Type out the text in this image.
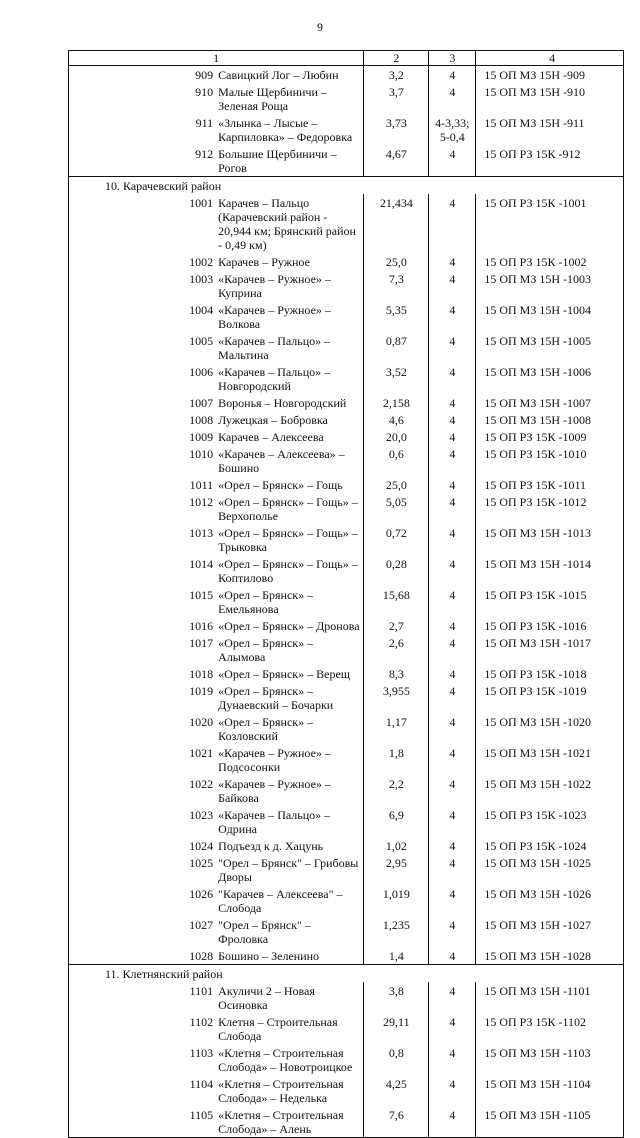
9
1		2	3	4
909	Савицкий Лог – Любин	3,2	4	15 ОП МЗ 15Н -909
910	Малые Щербиничи – Зеленая Роща	3,7	4	15 ОП МЗ 15Н -910
911	«Злынка – Лысые – Карпиловка» – Федоровка	3,73	4-3,33; 5-0,4	15 ОП МЗ 15Н -911
912	Большие Щербиничи – Рогов	4,67	4	15 ОП РЗ 15К -912
10. Карачевский район				
1001	Карачев – Пальцо (Карачевский район - 20,944 км; Брянский район - 0,49 км)	21,434	4	15 ОП РЗ 15К -1001
1002	Карачев – Ружное	25,0	4	15 ОП РЗ 15К -1002
1003	«Карачев – Ружное» – Куприна	7,3	4	15 ОП МЗ 15Н -1003
1004	«Карачев – Ружное» – Волкова	5,35	4	15 ОП МЗ 15Н -1004
1005	«Карачев – Пальцо» – Мальтина	0,87	4	15 ОП МЗ 15Н -1005
1006	«Карачев – Пальцо» – Новгородский	3,52	4	15 ОП МЗ 15Н -1006
1007	Воронья – Новгородский	2,158	4	15 ОП МЗ 15Н -1007
1008	Лужецкая – Бобровка	4,6	4	15 ОП МЗ 15Н -1008
1009	Карачев – Алексеева	20,0	4	15 ОП РЗ 15К -1009
1010	«Карачев – Алексеева» – Бошино	0,6	4	15 ОП РЗ 15К -1010
1011	«Орел – Брянск» – Гощь	25,0	4	15 ОП РЗ 15К -1011
1012	«Орел – Брянск» – Гощь» – Верхополье	5,05	4	15 ОП РЗ 15К -1012
1013	«Орел – Брянск» – Гощь» – Трыковка	0,72	4	15 ОП МЗ 15Н -1013
1014	«Орел – Брянск» – Гощь» – Коптилово	0,28	4	15 ОП МЗ 15Н -1014
1015	«Орел – Брянск» – Емельянова	15,68	4	15 ОП РЗ 15К -1015
1016	«Орел – Брянск» – Дронова	2,7	4	15 ОП РЗ 15К -1016
1017	«Орел – Брянск» – Алымова	2,6	4	15 ОП МЗ 15Н -1017
1018	«Орел – Брянск» – Верещ	8,3	4	15 ОП РЗ 15К -1018
1019	«Орел – Брянск» – Дунаевский – Бочарки	3,955	4	15 ОП РЗ 15К -1019
1020	«Орел – Брянск» – Козловский	1,17	4	15 ОП МЗ 15Н -1020
1021	«Карачев – Ружное» – Подсосонки	1,8	4	15 ОП МЗ 15Н -1021
1022	«Карачев – Ружное» – Байкова	2,2	4	15 ОП МЗ 15Н -1022
1023	«Карачев – Пальцо» – Одрина	6,9	4	15 ОП РЗ 15К -1023
1024	Подъезд к д. Хацунь	1,02	4	15 ОП РЗ 15К -1024
1025	"Орел – Брянск" – Грибовы Дворы	2,95	4	15 ОП МЗ 15Н -1025
1026	"Карачев – Алексеева" – Слобода	1,019	4	15 ОП МЗ 15Н -1026
1027	"Орел – Брянск" – Фроловка	1,235	4	15 ОП МЗ 15Н -1027
1028	Бошино – Зеленино	1,4	4	15 ОП МЗ 15Н -1028
11. Клетнянский район				
1101	Акуличи 2 – Новая Осиновка	3,8	4	15 ОП МЗ 15Н -1101
1102	Клетня – Строительная Слобода	29,11	4	15 ОП РЗ 15К -1102
1103	«Клетня – Строительная Слобода» – Новотроицкое	0,8	4	15 ОП МЗ 15Н -1103
1104	«Клетня – Строительная Слобода» – Неделька	4,25	4	15 ОП МЗ 15Н -1104
1105	«Клетня – Строительная Слобода» – Алень	7,6	4	15 ОП МЗ 15Н -1105
